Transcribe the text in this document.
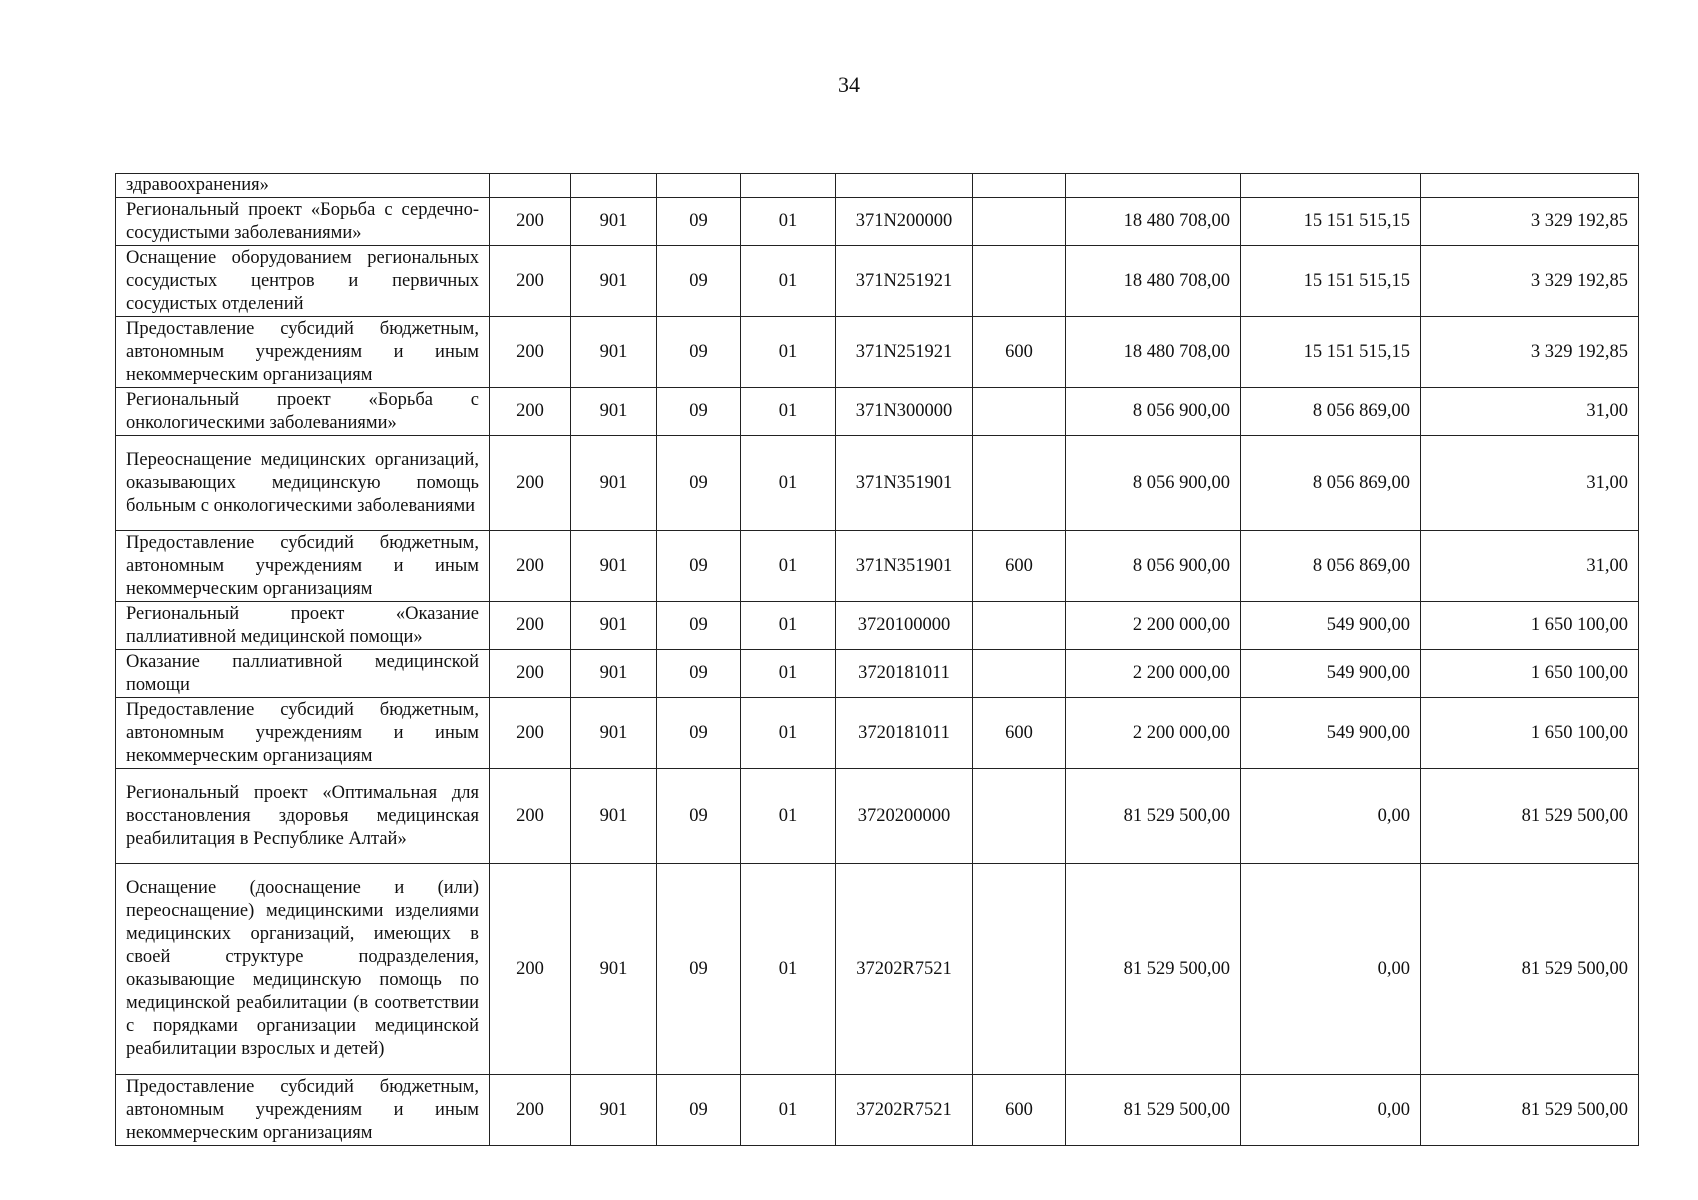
34
здравоохранения»									
Региональный проект «Борьба с сердечно-сосудистыми заболеваниями»	200	901	09	01	371N200000		18 480 708,00	15 151 515,15	3 329 192,85
Оснащение оборудованием региональных сосудистых центров и первичных сосудистых отделений	200	901	09	01	371N251921		18 480 708,00	15 151 515,15	3 329 192,85
Предоставление субсидий бюджетным, автономным учреждениям и иным некоммерческим организациям	200	901	09	01	371N251921	600	18 480 708,00	15 151 515,15	3 329 192,85
Региональный проект «Борьба с онкологическими заболеваниями»	200	901	09	01	371N300000		8 056 900,00	8 056 869,00	31,00
Переоснащение медицинских организаций, оказывающих медицинскую помощь больным с онкологическими заболеваниями	200	901	09	01	371N351901		8 056 900,00	8 056 869,00	31,00
Предоставление субсидий бюджетным, автономным учреждениям и иным некоммерческим организациям	200	901	09	01	371N351901	600	8 056 900,00	8 056 869,00	31,00
Региональный проект «Оказание паллиативной медицинской помощи»	200	901	09	01	3720100000		2 200 000,00	549 900,00	1 650 100,00
Оказание паллиативной медицинской помощи	200	901	09	01	3720181011		2 200 000,00	549 900,00	1 650 100,00
Предоставление субсидий бюджетным, автономным учреждениям и иным некоммерческим организациям	200	901	09	01	3720181011	600	2 200 000,00	549 900,00	1 650 100,00
Региональный проект «Оптимальная для восстановления здоровья медицинская реабилитация в Республике Алтай»	200	901	09	01	3720200000		81 529 500,00	0,00	81 529 500,00
Оснащение (дооснащение и (или) переоснащение) медицинскими изделиями медицинских организаций, имеющих в своей структуре подразделения, оказывающие медицинскую помощь по медицинской реабилитации (в соответствии с порядками организации медицинской реабилитации взрослых и детей)	200	901	09	01	37202R7521		81 529 500,00	0,00	81 529 500,00
Предоставление субсидий бюджетным, автономным учреждениям и иным некоммерческим организациям	200	901	09	01	37202R7521	600	81 529 500,00	0,00	81 529 500,00
